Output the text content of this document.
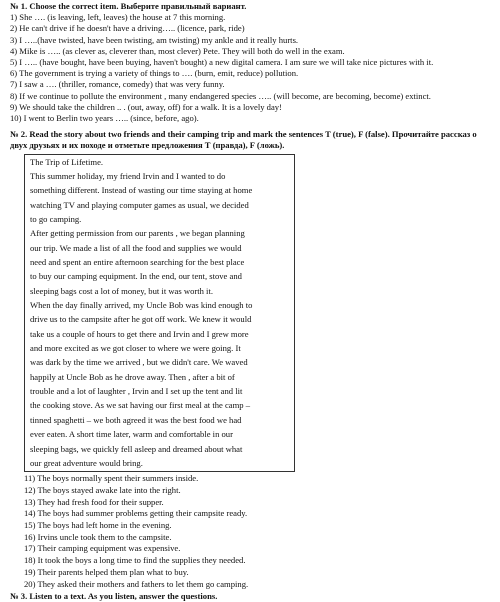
№ 1. Choose the correct item. Выберите правильный вариант.
1) She …. (is leaving, left, leaves) the house at 7 this morning.
2) He can't drive if he doesn't have a driving….. (licence, park, ride)
3) I …..(have twisted, have been twisting, am twisting) my ankle and it really hurts.
4) Mike is ….. (as clever as, cleverer than, most clever) Pete. They will both do well in the exam.
5) I ….. (have bought, have been buying, haven't bought) a new digital camera. I am sure we will take nice pictures with it.
6) The government is trying a variety of things to …. (burn, emit, reduce) pollution.
7) I saw a …. (thriller, romance, comedy) that was very funny.
8) If we continue to pollute the environment , many endangered species ….. (will become, are becoming, become) extinct.
9) We should take the children .. . (out, away, off) for a walk. It is a lovely day!
10) I went to Berlin two years ….. (since, before, ago).
№ 2. Read the story about two friends and their camping trip and mark the sentences T (true), F (false). Прочитайте рассказ о двух друзьях и их походе и отметьте предложения Т (правда), F (ложь).

The Trip of Lifetime.

This summer holiday, my friend Irvin and I wanted to do

something different. Instead of wasting our time staying at home

watching TV and playing computer games as usual, we decided

to go camping.

After getting permission from our parents , we began planning

our trip. We made a list of all the food and supplies we would

need and spent an entire afternoon searching for the best place

to buy our camping equipment. In the end, our tent, stove and

sleeping bags cost a lot of money, but it was worth it.

When the day finally arrived, my Uncle Bob was kind enough to

drive us to the campsite after he got off work. We knew it would

take us a couple of hours to get there and Irvin and I grew more

and more excited as we got closer to where we were going. It

was dark by the time we arrived , but we didn't care. We waved

happily at Uncle Bob as he drove away. Then , after a bit of

trouble and a lot of laughter , Irvin and I set up the tent and lit

the cooking stove. As we sat having our first meal at the camp –

tinned spaghetti – we both agreed it was the best food we had

ever eaten. A short time later, warm and comfortable in our

sleeping bags, we quickly fell asleep and dreamed about what

our great adventure would bring.

11) The boys normally spent their summers inside.
12) The boys stayed awake late into the right.
13) They had fresh food for their supper.
14) The boys had summer problems getting their campsite ready.
15) The boys had left home in the evening.
16) Irvins uncle took them to the campsite.
17) Their camping equipment was expensive.
18) It took the boys a long time to find the supplies they needed.
19) Their parents helped them plan what to buy.
20) They asked their mothers and fathers to let them go camping.
№ 3. Listen to a text. As you listen, answer the questions.
